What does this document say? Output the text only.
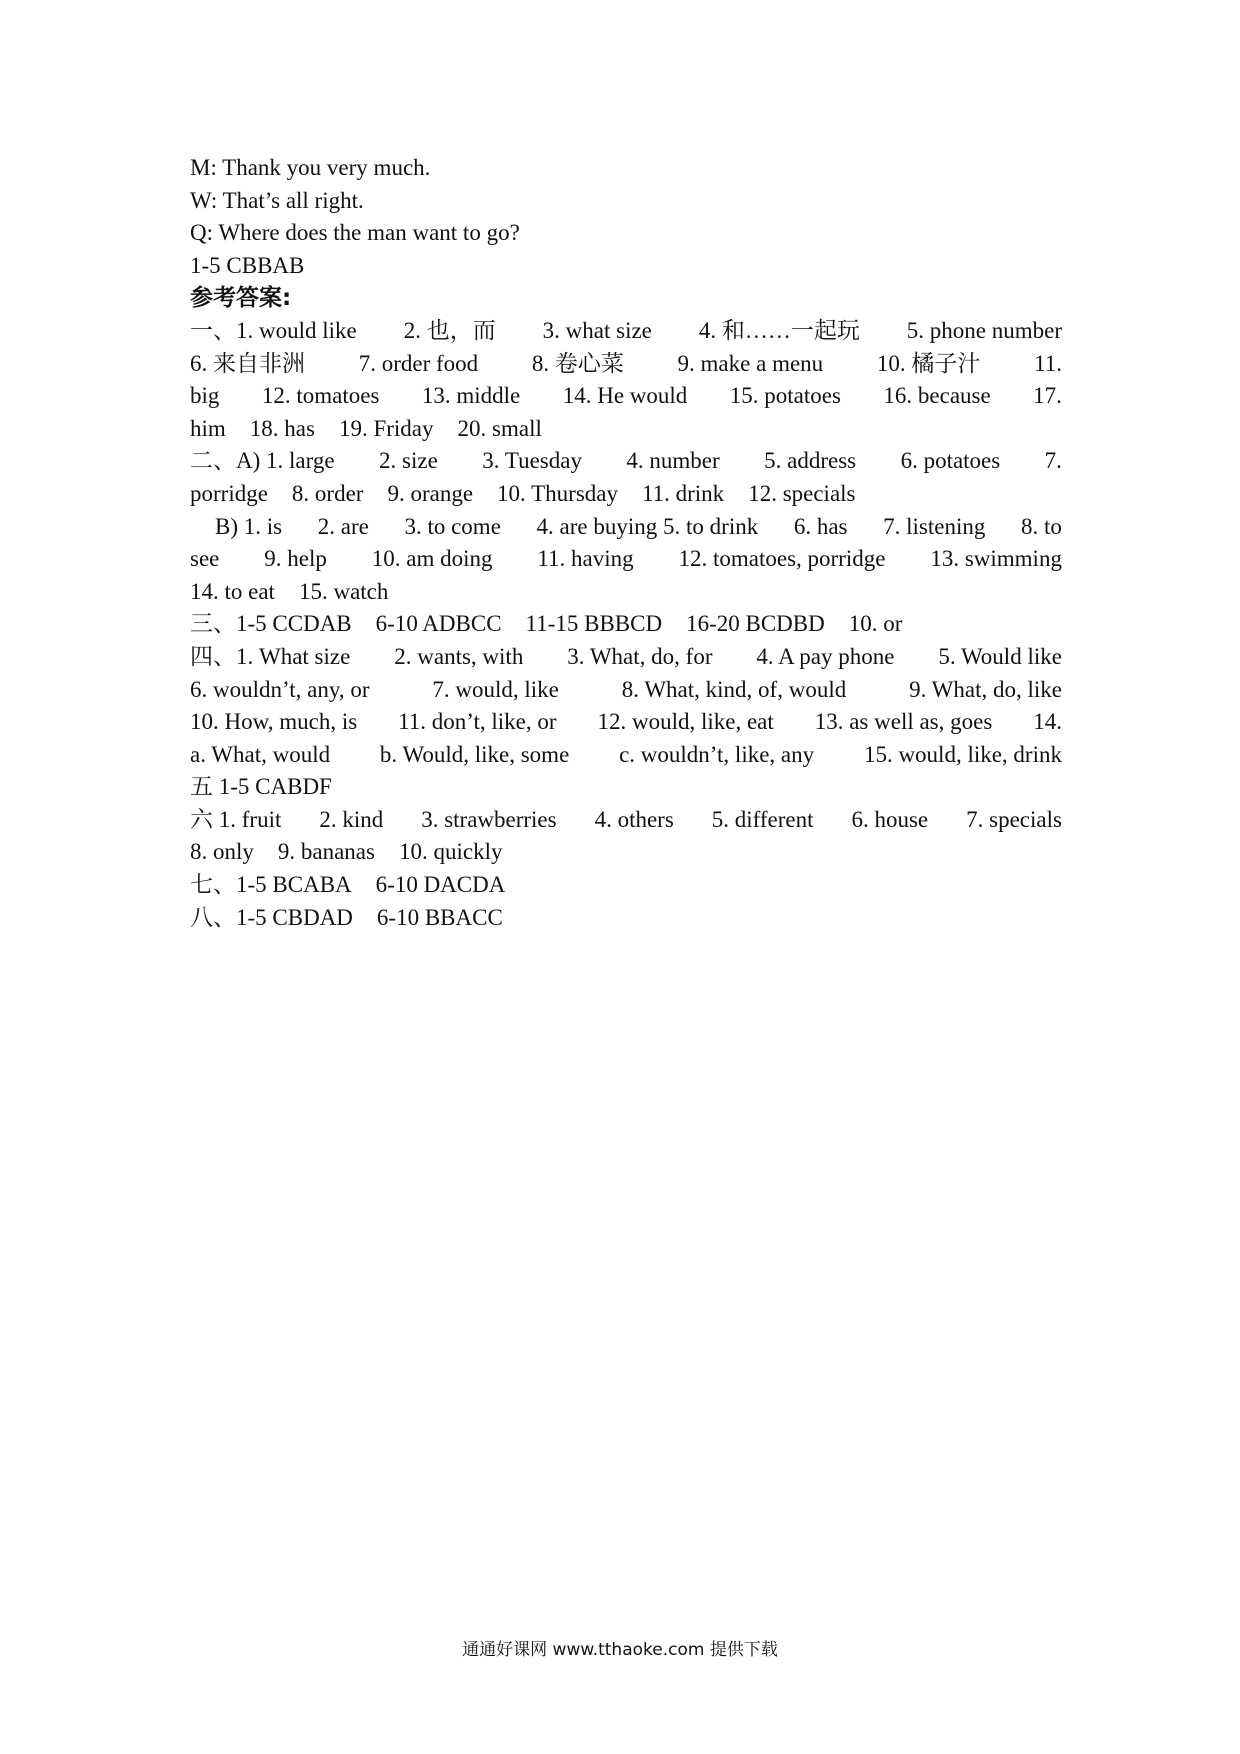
M: Thank you very much.
W: That’s all right.
Q: Where does the man want to go?
1-5 CBBAB
参考答案:
一、1. would like 2. 也，而 3. what size 4. 和……一起玩 5. phone number
6. 来自非洲 7. order food 8. 卷心菜 9. make a menu 10. 橘子汁 11.
big 12. tomatoes 13. middle 14. He would 15. potatoes 16. because 17.
him 18. has 19. Friday 20. small
二、A) 1. large 2. size 3. Tuesday 4. number 5. address 6. potatoes 7.
porridge 8. order 9. orange 10. Thursday 11. drink 12. specials
B) 1. is 2. are 3. to come 4. are buying 5. to drink 6. has 7. listening 8. to
see 9. help 10. am doing 11. having 12. tomatoes, porridge 13. swimming
14. to eat 15. watch
三、1-5 CCDAB 6-10 ADBCC 11-15 BBBCD 16-20 BCDBD 10. or
四、1. What size 2. wants, with 3. What, do, for 4. A pay phone 5. Would like
6. wouldn’t, any, or	7. would, like	8. What, kind, of, would	9. What, do, like
10. How, much, is 11. don’t, like, or 12. would, like, eat 13. as well as, goes 14.
a. What, would b. Would, like, some c. wouldn’t, like, any 15. would, like, drink
五 1-5 CABDF
六 1. fruit 2. kind 3. strawberries 4. others 5. different 6. house 7. specials
8. only 9. bananas 10. quickly
七、1-5 BCABA 6-10 DACDA
八、1-5 CBDAD 6-10 BBACC
通通好课网 www.tthaoke.com 提供下载
